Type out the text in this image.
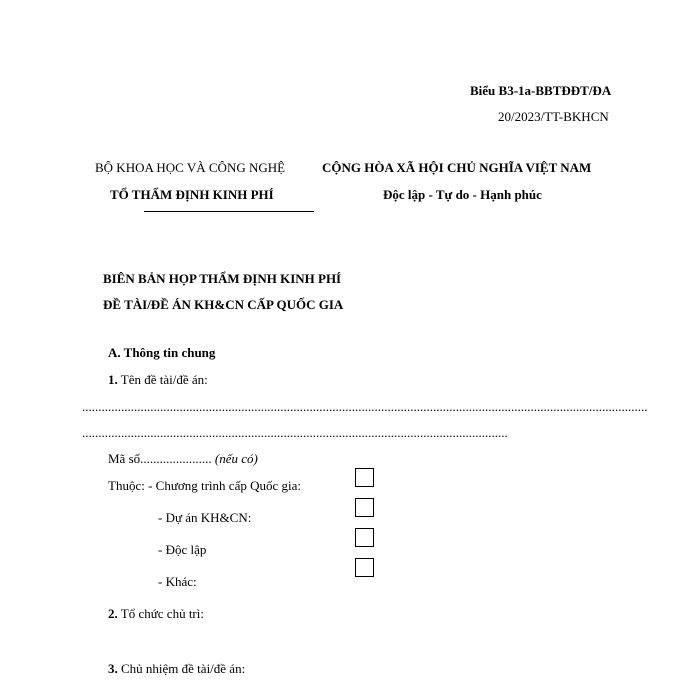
Biểu B3-1a-BBTĐĐT/ĐA
20/2023/TT-BKHCN
BỘ KHOA HỌC VÀ CÔNG NGHỆ
TỔ THẨM ĐỊNH KINH PHÍ
CỘNG HÒA XÃ HỘI CHỦ NGHĨA VIỆT NAM
Độc lập - Tự do - Hạnh phúc
BIÊN BẢN HỌP THẨM ĐỊNH KINH PHÍ
ĐỀ TÀI/ĐỀ ÁN KH&CN CẤP QUỐC GIA
A. Thông tin chung
1. Tên đề tài/đề án:
..............................................................................................................................................................................
...................................................................................................................................
Mã số...................... (nếu có)
Thuộc: - Chương trình cấp Quốc gia:
- Dự án KH&CN:
- Độc lập
- Khác:
2. Tổ chức chủ trì:
3. Chủ nhiệm đề tài/đề án:
